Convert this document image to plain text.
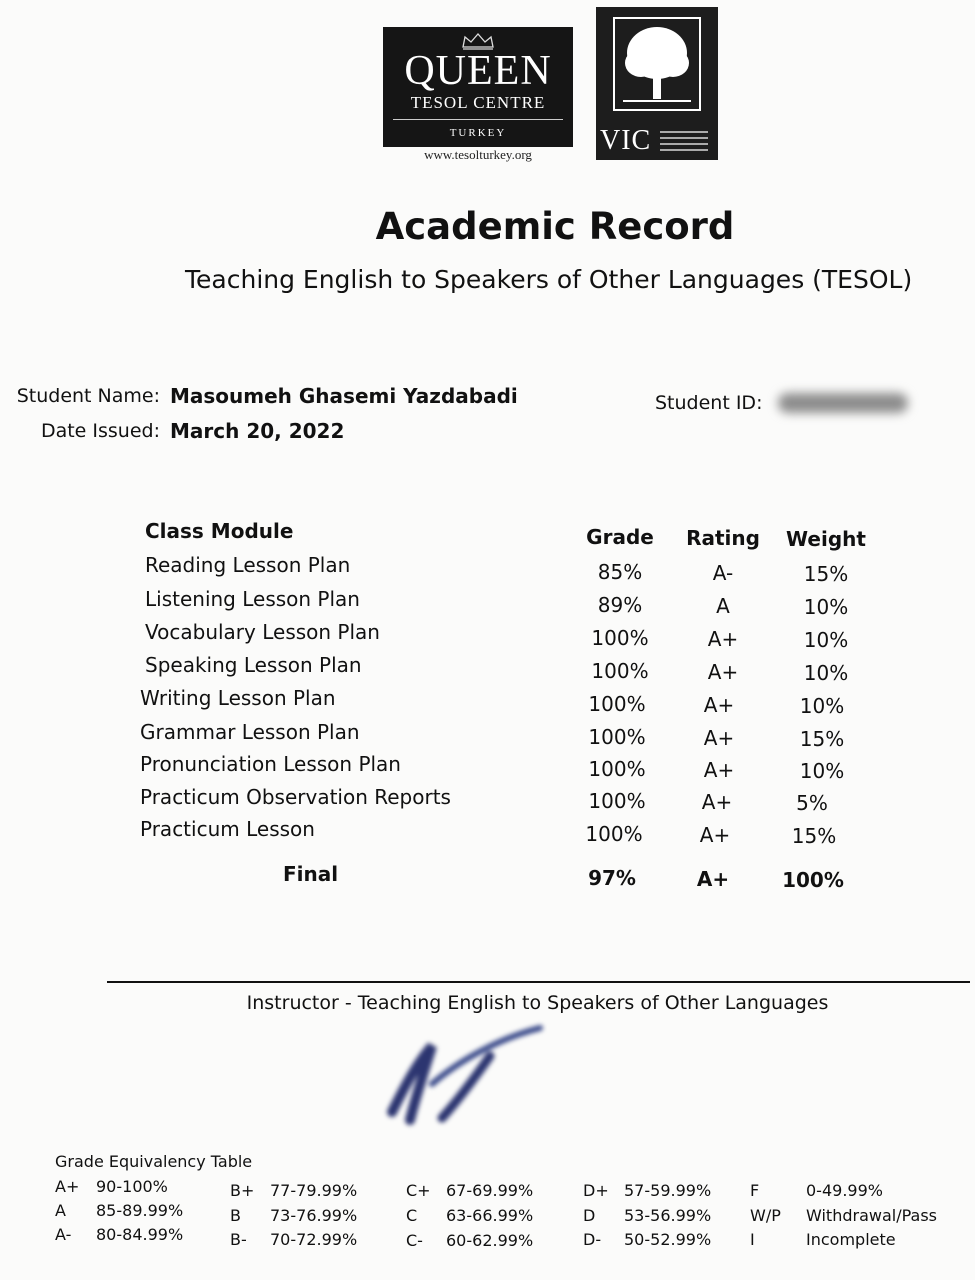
QUEEN
TESOL CENTRE
TURKEY
www.tesolturkey.org	VIC
Academic Record
Teaching English to Speakers of Other Languages (TESOL)
Student Name: Masoumeh Ghasemi Yazdabadi
Date Issued: March 20, 2022
Student ID:
Class Module	Grade	Rating	Weight
Reading Lesson Plan	85%	A-	15%
Listening Lesson Plan	89%	A	10%
Vocabulary Lesson Plan	100%	A+	10%
Speaking Lesson Plan	100%	A+	10%
Writing Lesson Plan	100%	A+	10%
Grammar Lesson Plan	100%	A+	15%
Pronunciation Lesson Plan	100%	A+	10%
Practicum Observation Reports	100%	A+	5%
Practicum Lesson	100%	A+	15%
Final	97%	A+	100%
Instructor - Teaching English to Speakers of Other Languages
Grade Equivalency Table
A+ 90-100%
A 85-89.99%
A- 80-84.99%
B+ 77-79.99%
B 73-76.99%
B- 70-72.99%
C+ 67-69.99%
C 63-66.99%
C- 60-62.99%
D+ 57-59.99%
D 53-56.99%
D- 50-52.99%
F	0-49.99%
W/P Withdrawal/Pass
I	Incomplete
